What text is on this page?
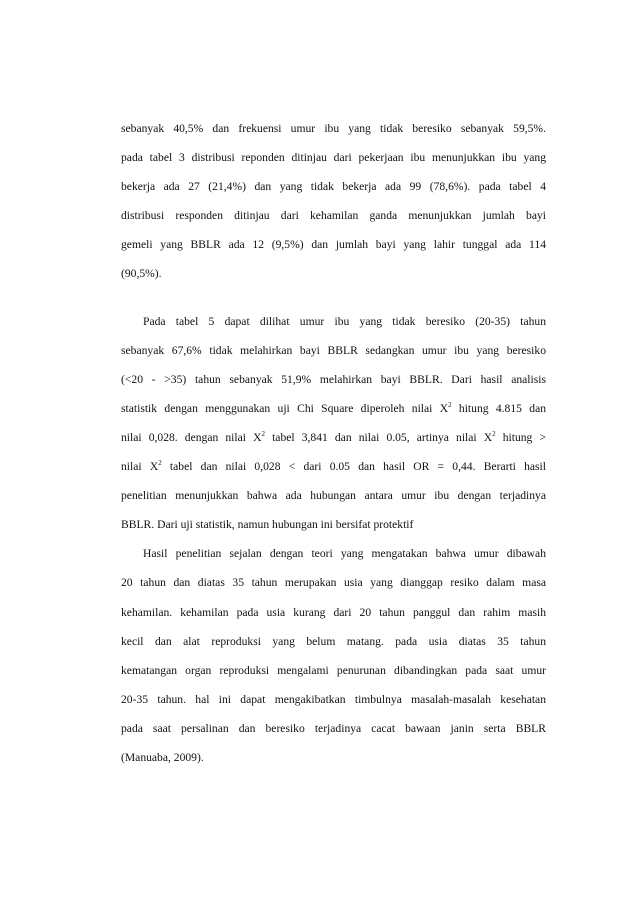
sebanyak 40,5% dan frekuensi umur ibu yang tidak beresiko sebanyak 59,5%.
pada tabel 3 distribusi reponden ditinjau dari pekerjaan ibu menunjukkan ibu yang
bekerja ada 27 (21,4%) dan yang tidak bekerja ada 99 (78,6%). pada tabel 4
distribusi responden ditinjau dari kehamilan ganda menunjukkan jumlah bayi
gemeli yang BBLR ada 12 (9,5%) dan jumlah bayi yang lahir tunggal ada 114
(90,5%).
Pada tabel 5 dapat dilihat umur ibu yang tidak beresiko (20-35) tahun
sebanyak 67,6% tidak melahirkan bayi BBLR sedangkan umur ibu yang beresiko
(<20 - >35) tahun sebanyak 51,9% melahirkan bayi BBLR. Dari hasil analisis
statistik dengan menggunakan uji Chi Square diperoleh nilai $X^2$ hitung 4.815 dan
nilai 0,028. dengan nilai $X^2$ tabel 3,841 dan nilai 0.05, artinya nilai $X^2$ hitung >
nilai $X^2$ tabel dan nilai 0,028 < dari 0.05 dan hasil OR = 0,44. Berarti hasil
penelitian menunjukkan bahwa ada hubungan antara umur ibu dengan terjadinya
BBLR. Dari uji statistik, namun hubungan ini bersifat protektif
Hasil penelitian sejalan dengan teori yang mengatakan bahwa umur dibawah
20 tahun dan diatas 35 tahun merupakan usia yang dianggap resiko dalam masa
kehamilan. kehamilan pada usia kurang dari 20 tahun panggul dan rahim masih
kecil dan alat reproduksi yang belum matang. pada usia diatas 35 tahun
kematangan organ reproduksi mengalami penurunan dibandingkan pada saat umur
20-35 tahun. hal ini dapat mengakibatkan timbulnya masalah-masalah kesehatan
pada saat persalinan dan beresiko terjadinya cacat bawaan janin serta BBLR
(Manuaba, 2009).
